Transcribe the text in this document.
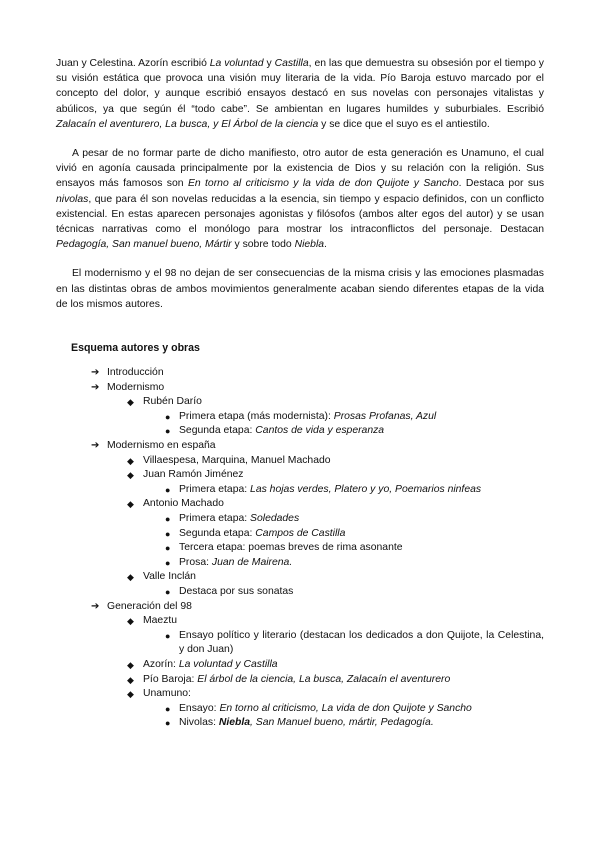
Juan y Celestina. Azorín escribió La voluntad y Castilla, en las que demuestra su obsesión por el tiempo y su visión estática que provoca una visión muy literaria de la vida. Pío Baroja estuvo marcado por el concepto del dolor, y aunque escribió ensayos destacó en sus novelas con personajes vitalistas y abúlicos, ya que según él “todo cabe”. Se ambientan en lugares humildes y suburbiales. Escribió Zalacaín el aventurero, La busca, y El Árbol de la ciencia y se dice que el suyo es el antiestilo.

A pesar de no formar parte de dicho manifiesto, otro autor de esta generación es Unamuno, el cual vivió en agonía causada principalmente por la existencia de Dios y su relación con la religión. Sus ensayos más famosos son En torno al criticismo y la vida de don Quijote y Sancho. Destaca por sus nivolas, que para él son novelas reducidas a la esencia, sin tiempo y espacio definidos, con un conflicto existencial. En estas aparecen personajes agonistas y filósofos (ambos alter egos del autor) y se usan técnicas narrativas como el monólogo para mostrar los intraconflictos del personaje. Destacan Pedagogía, San manuel bueno, Mártir y sobre todo Niebla.

El modernismo y el 98 no dejan de ser consecuencias de la misma crisis y las emociones plasmadas en las distintas obras de ambos movimientos generalmente acaban siendo diferentes etapas de la vida de los mismos autores.

Esquema autores y obras
➔ Introducción
➔ Modernismo
◆ Rubén Darío
● Primera etapa (más modernista): Prosas Profanas, Azul
● Segunda etapa: Cantos de vida y esperanza
➔ Modernismo en españa
◆ Villaespesa, Marquina, Manuel Machado
◆ Juan Ramón Jiménez
● Primera etapa: Las hojas verdes, Platero y yo, Poemarios ninfeas
◆ Antonio Machado
● Primera etapa: Soledades
● Segunda etapa: Campos de Castilla
● Tercera etapa: poemas breves de rima asonante
● Prosa: Juan de Mairena.
◆ Valle Inclán
● Destaca por sus sonatas
➔ Generación del 98
◆ Maeztu
● Ensayo político y literario (destacan los dedicados a don Quijote, la Celestina, y don Juan)
◆ Azorín: La voluntad y Castilla
◆ Pío Baroja: El árbol de la ciencia, La busca, Zalacaín el aventurero
◆ Unamuno:
● Ensayo: En torno al criticismo, La vida de don Quijote y Sancho
● Nivolas: Niebla, San Manuel bueno, mártir, Pedagogía.
